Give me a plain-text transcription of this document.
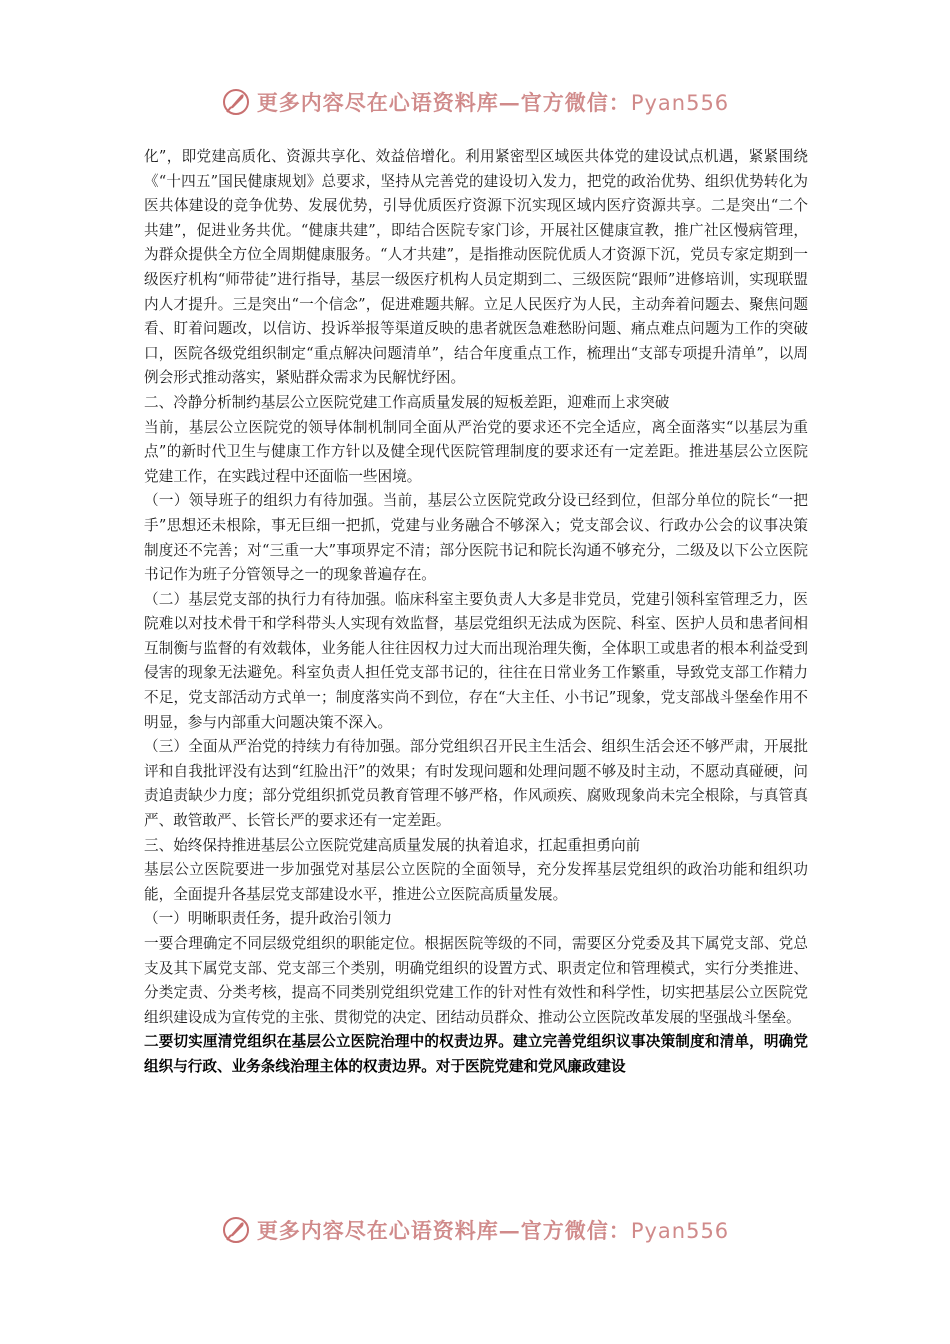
更多内容尽在心语资料库—官方微信：Pyan556

化”，即党建高质化、资源共享化、效益倍增化。利用紧密型区域医共体党的建设试点机遇，紧紧围绕《“十四五”国民健康规划》总要求，坚持从完善党的建设切入发力，把党的政治优势、组织优势转化为医共体建设的竞争优势、发展优势，引导优质医疗资源下沉实现区域内医疗资源共享。二是突出“二个共建”，促进业务共优。“健康共建”，即结合医院专家门诊，开展社区健康宣教，推广社区慢病管理，为群众提供全方位全周期健康服务。“人才共建”，是指推动医院优质人才资源下沉，党员专家定期到一级医疗机构“师带徒”进行指导，基层一级医疗机构人员定期到二、三级医院“跟师”进修培训，实现联盟内人才提升。三是突出“一个信念”，促进难题共解。立足人民医疗为人民，主动奔着问题去、聚焦问题看、盯着问题改，以信访、投诉举报等渠道反映的患者就医急难愁盼问题、痛点难点问题为工作的突破口，医院各级党组织制定“重点解决问题清单”，结合年度重点工作，梳理出“支部专项提升清单”，以周例会形式推动落实，紧贴群众需求为民解忧纾困。

二、冷静分析制约基层公立医院党建工作高质量发展的短板差距，迎难而上求突破

当前，基层公立医院党的领导体制机制同全面从严治党的要求还不完全适应，离全面落实“以基层为重点”的新时代卫生与健康工作方针以及健全现代医院管理制度的要求还有一定差距。推进基层公立医院党建工作，在实践过程中还面临一些困境。

（一）领导班子的组织力有待加强。当前，基层公立医院党政分设已经到位，但部分单位的院长“一把手”思想还未根除，事无巨细一把抓，党建与业务融合不够深入；党支部会议、行政办公会的议事决策制度还不完善；对“三重一大”事项界定不清；部分医院书记和院长沟通不够充分，二级及以下公立医院书记作为班子分管领导之一的现象普遍存在。

（二）基层党支部的执行力有待加强。临床科室主要负责人大多是非党员，党建引领科室管理乏力，医院难以对技术骨干和学科带头人实现有效监督，基层党组织无法成为医院、科室、医护人员和患者间相互制衡与监督的有效载体，业务能人往往因权力过大而出现治理失衡，全体职工或患者的根本利益受到侵害的现象无法避免。科室负责人担任党支部书记的，往往在日常业务工作繁重，导致党支部工作精力不足，党支部活动方式单一；制度落实尚不到位，存在“大主任、小书记”现象，党支部战斗堡垒作用不明显，参与内部重大问题决策不深入。

（三）全面从严治党的持续力有待加强。部分党组织召开民主生活会、组织生活会还不够严肃，开展批评和自我批评没有达到“红脸出汗”的效果；有时发现问题和处理问题不够及时主动，不愿动真碰硬，问责追责缺少力度；部分党组织抓党员教育管理不够严格，作风顽疾、腐败现象尚未完全根除，与真管真严、敢管敢严、长管长严的要求还有一定差距。

三、始终保持推进基层公立医院党建高质量发展的执着追求，扛起重担勇向前

基层公立医院要进一步加强党对基层公立医院的全面领导，充分发挥基层党组织的政治功能和组织功能，全面提升各基层党支部建设水平，推进公立医院高质量发展。

（一）明晰职责任务，提升政治引领力

一要合理确定不同层级党组织的职能定位。根据医院等级的不同，需要区分党委及其下属党支部、党总支及其下属党支部、党支部三个类别，明确党组织的设置方式、职责定位和管理模式，实行分类推进、分类定责、分类考核，提高不同类别党组织党建工作的针对性有效性和科学性，切实把基层公立医院党组织建设成为宣传党的主张、贯彻党的决定、团结动员群众、推动公立医院改革发展的坚强战斗堡垒。

二要切实厘清党组织在基层公立医院治理中的权责边界。建立完善党组织议事决策制度和清单，明确党组织与行政、业务条线治理主体的权责边界。对于医院党建和党风廉政建设

更多内容尽在心语资料库—官方微信：Pyan556
